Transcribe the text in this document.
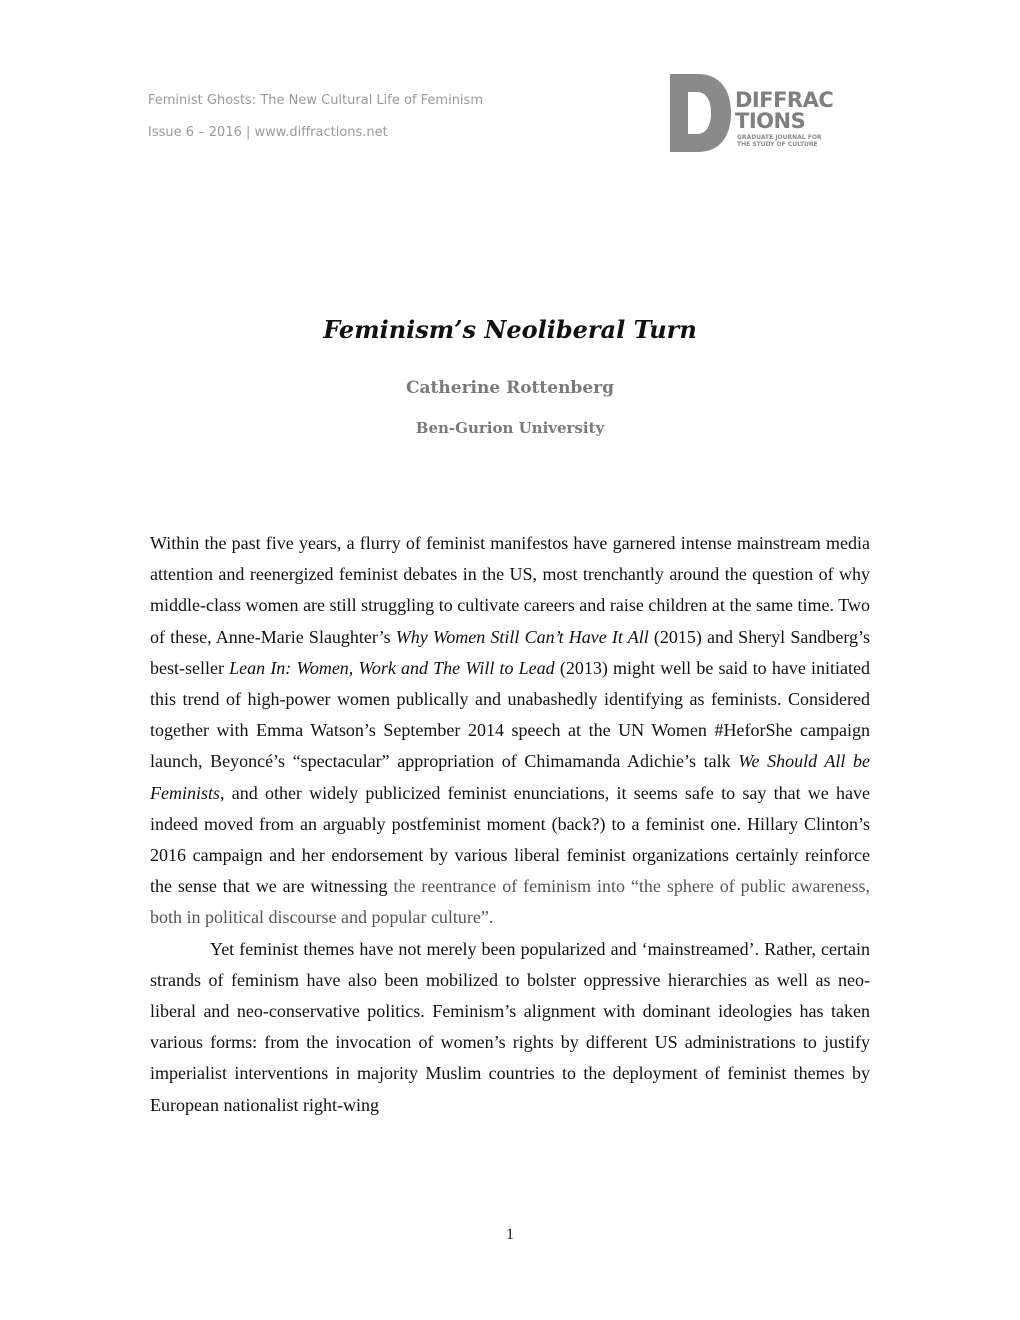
Feminist Ghosts: The New Cultural Life of Feminism
Issue 6 – 2016 | www.diffractions.net
DIFFRAC
TIONS
GRADUATE JOURNAL FOR
THE STUDY OF CULTURE
Feminism’s Neoliberal Turn
Catherine Rottenberg
Ben-Gurion University

Within the past five years, a flurry of feminist manifestos have garnered intense mainstream media attention and reenergized feminist debates in the US, most trenchantly around the question of why middle-class women are still struggling to cultivate careers and raise children at the same time. Two of these, Anne-Marie Slaughter’s Why Women Still Can’t Have It All (2015) and Sheryl Sandberg’s best-seller Lean In: Women, Work and The Will to Lead (2013) might well be said to have initiated this trend of high-power women publically and unabashedly identifying as feminists. Considered together with Emma Watson’s September 2014 speech at the UN Women #HeforShe campaign launch, Beyoncé’s “spectacular” appropriation of Chimamanda Adichie’s talk We Should All be Feminists, and other widely publicized feminist enunciations, it seems safe to say that we have indeed moved from an arguably postfeminist moment (back?) to a feminist one. Hillary Clinton’s 2016 campaign and her endorsement by various liberal feminist organizations certainly reinforce the sense that we are witnessing the reentrance of feminism into “the sphere of public awareness, both in political discourse and popular culture”.

Yet feminist themes have not merely been popularized and ‘mainstreamed’. Rather, certain strands of feminism have also been mobilized to bolster oppressive hierarchies as well as neo-liberal and neo-conservative politics. Feminism’s alignment with dominant ideologies has taken various forms: from the invocation of women’s rights by different US administrations to justify imperialist interventions in majority Muslim countries to the deployment of feminist themes by European nationalist right-wing

1
